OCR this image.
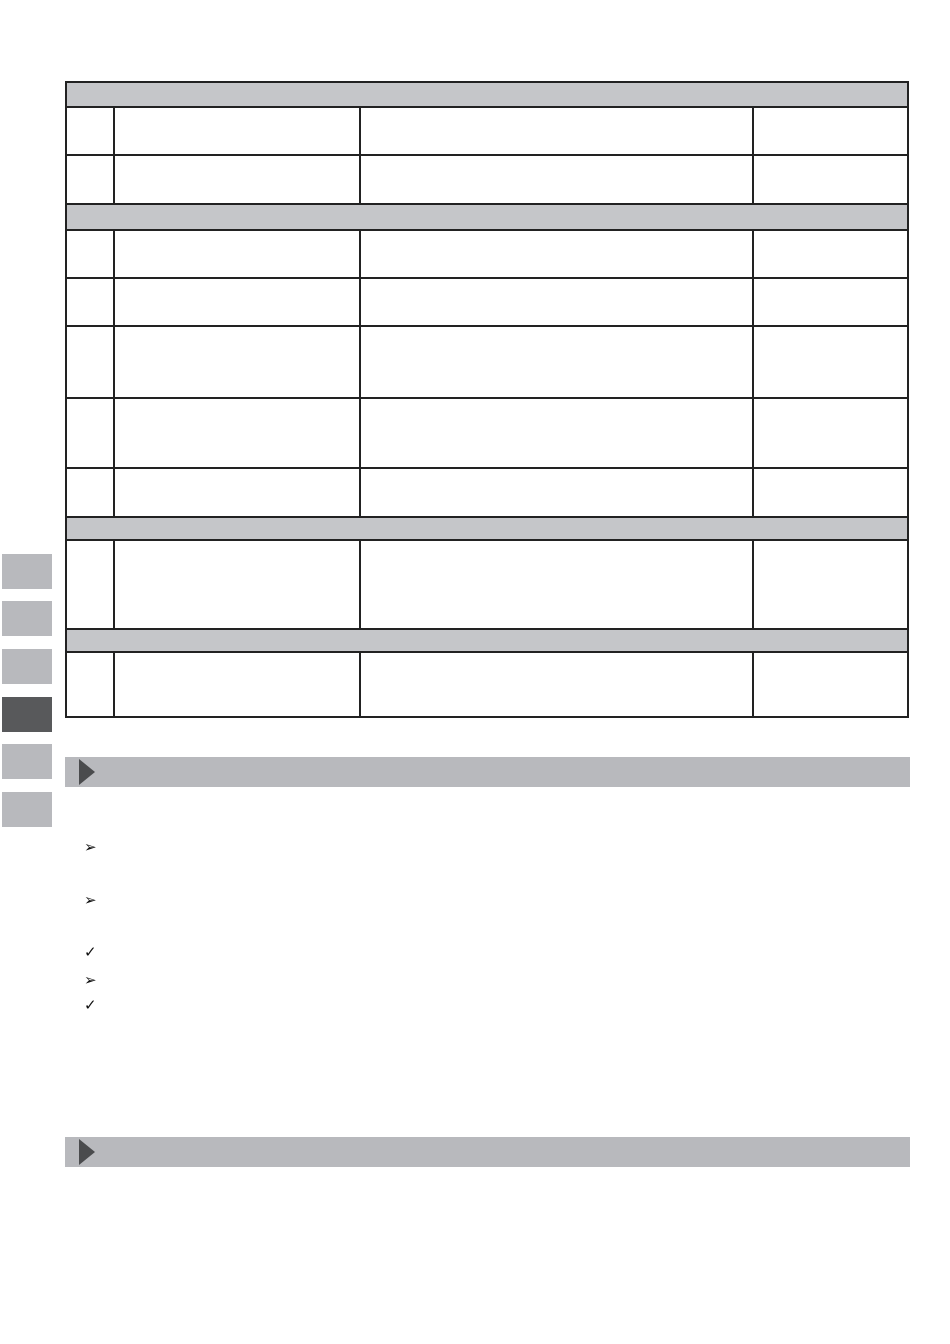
➢
➢
✓
➢
✓
